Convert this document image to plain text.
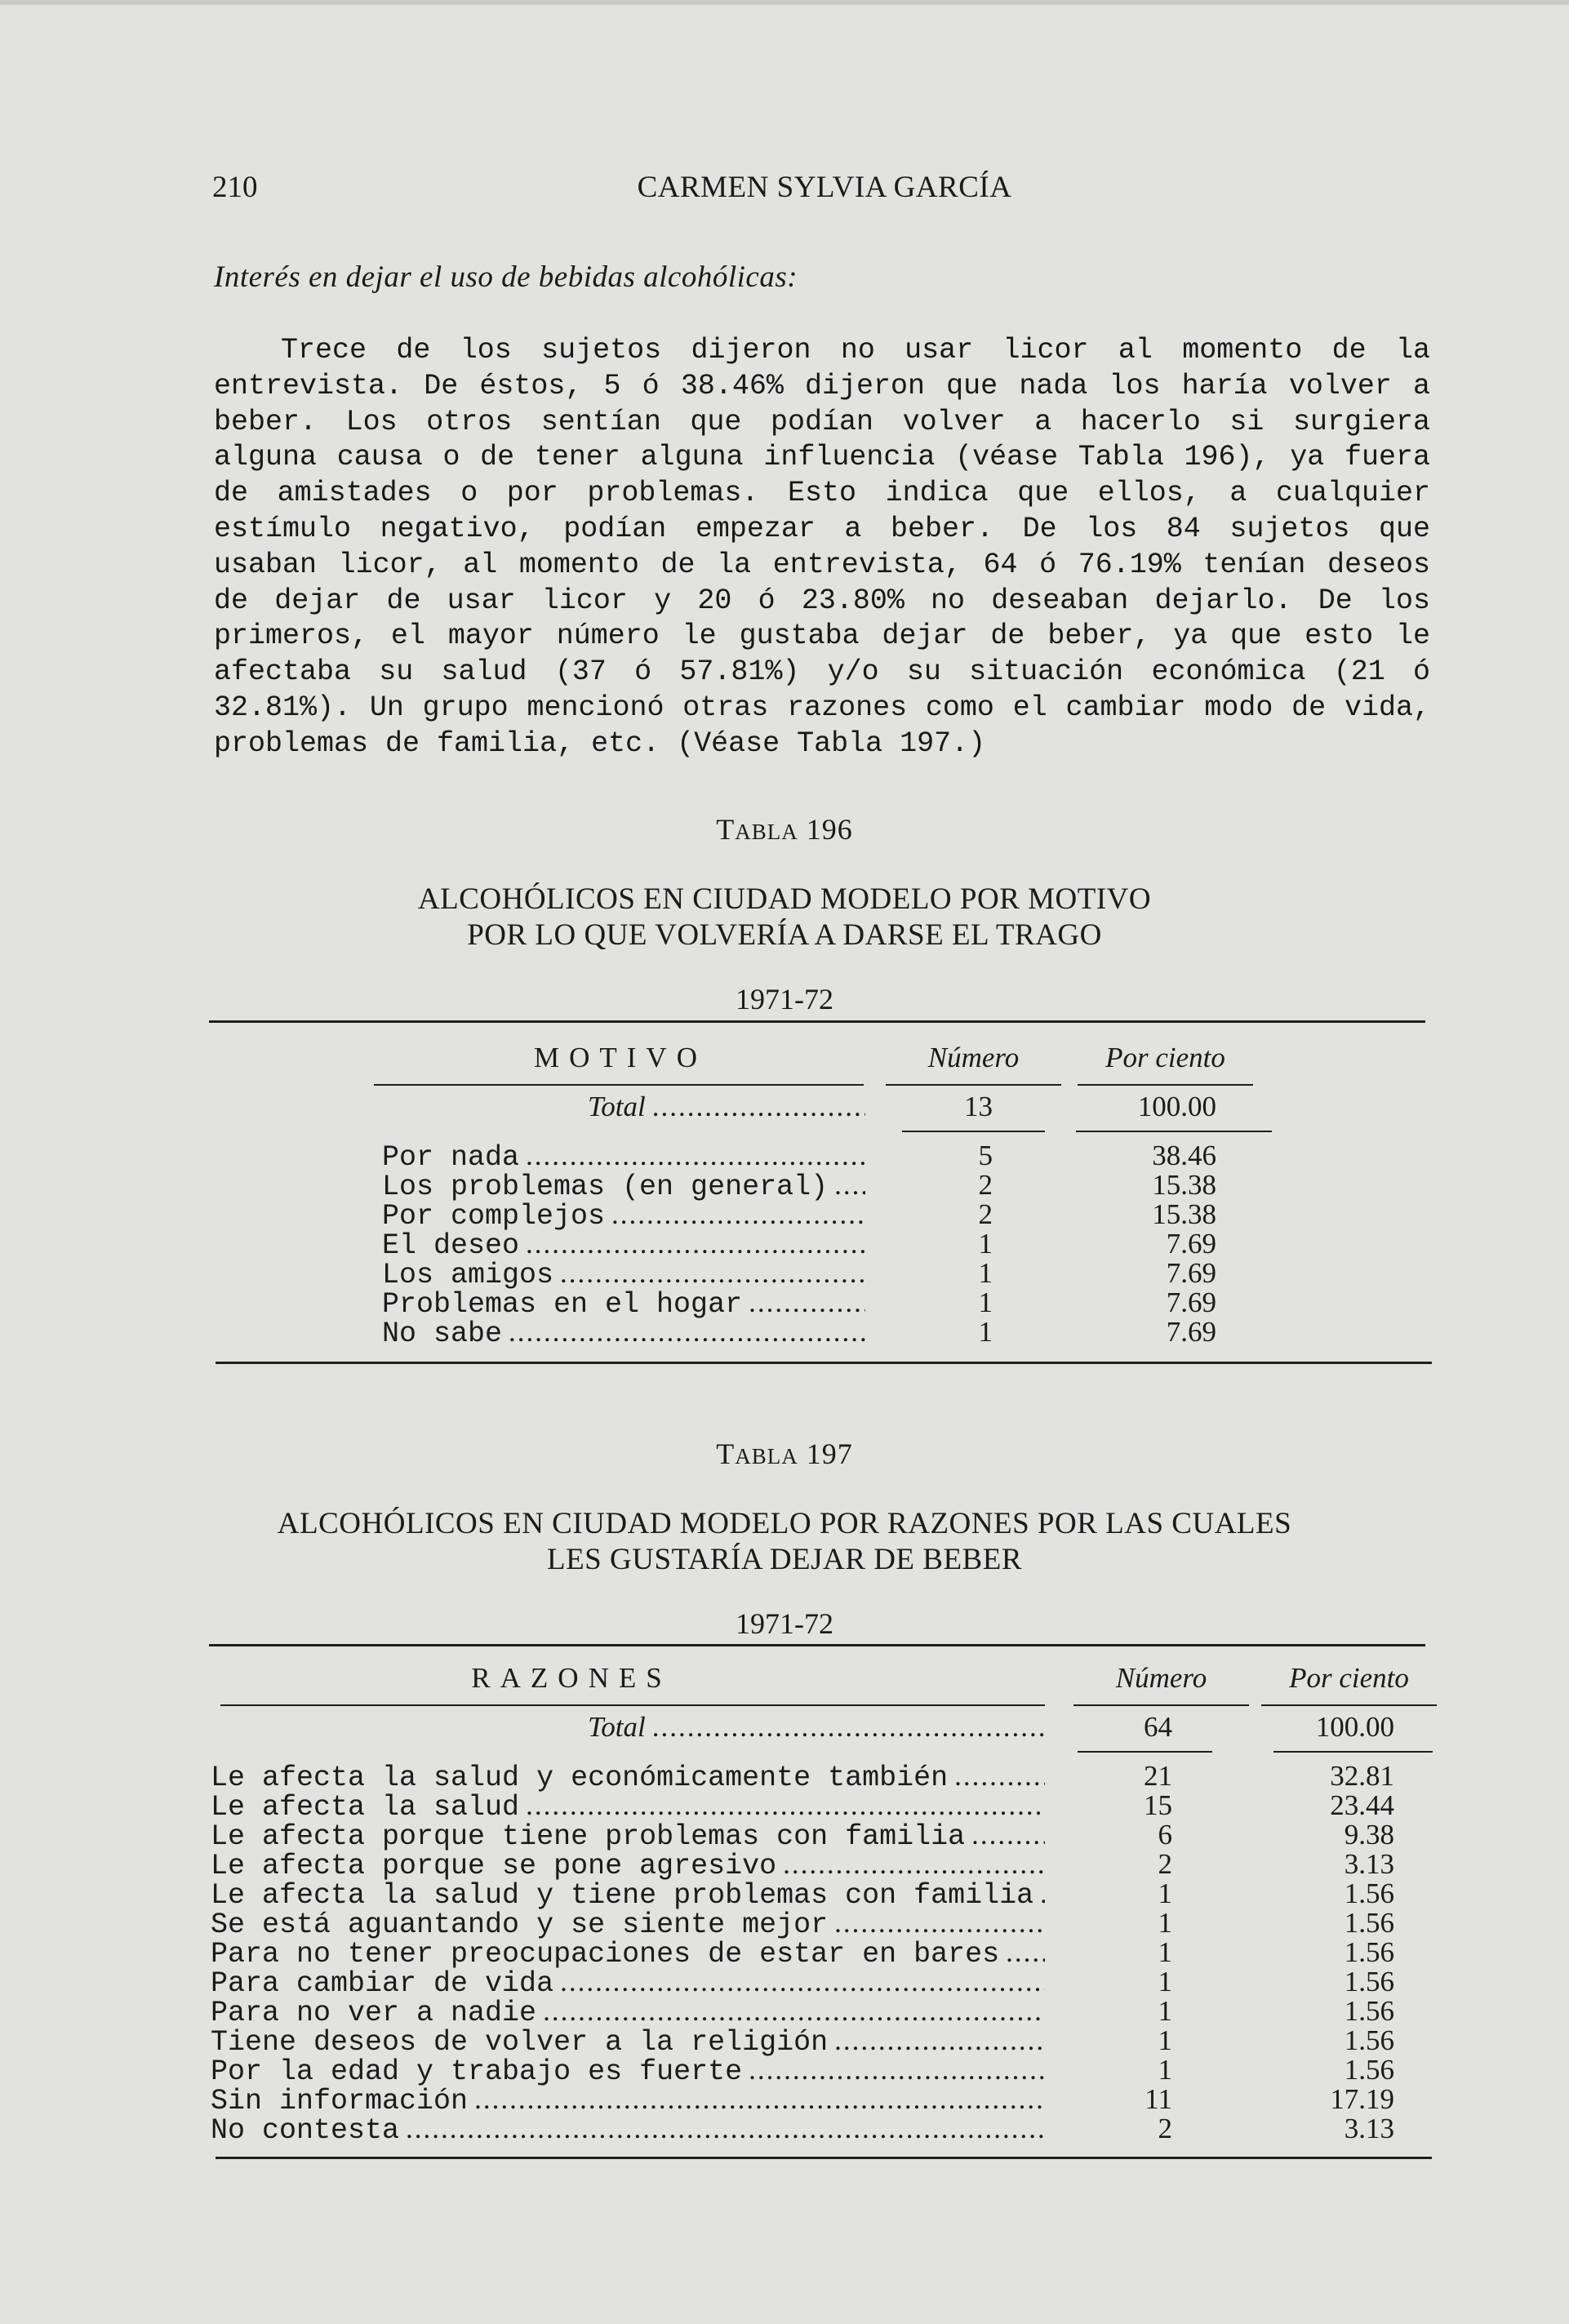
210	CARMEN SYLVIA GARCÍA
Interés en dejar el uso de bebidas alcohólicas:

Trece de los sujetos dijeron no usar licor al momento de la entrevista. De éstos, 5 ó 38.46% dijeron que nada los haría volver a beber. Los otros sentían que podían volver a hacerlo si surgiera alguna causa o de tener alguna influencia (véase Tabla 196), ya fuera de amistades o por problemas. Esto indica que ellos, a cualquier estímulo negativo, podían empezar a beber. De los 84 sujetos que usaban licor, al momento de la entrevista, 64 ó 76.19% tenían deseos de dejar de usar licor y 20 ó 23.80% no deseaban dejarlo. De los primeros, el mayor número le gustaba dejar de beber, ya que esto le afectaba su salud (37 ó 57.81%) y/o su situación económica (21 ó 32.81%). Un grupo mencionó otras razones como el cambiar modo de vida, problemas de familia, etc. (Véase Tabla 197.)

TABLA 196
ALCOHÓLICOS EN CIUDAD MODELO POR MOTIVO
POR LO QUE VOLVERÍA A DARSE EL TRAGO
1971-72
MOTIVO	Número	Por ciento
Total .....	13	100.00
Por nada .....	5	38.46
Los problemas (en general) .....	2	15.38
Por complejos .....	2	15.38
El deseo .....	1	7.69
Los amigos .....	1	7.69
Problemas en el hogar .....	1	7.69
No sabe .....	1	7.69
TABLA 197
ALCOHÓLICOS EN CIUDAD MODELO POR RAZONES POR LAS CUALES
LES GUSTARÍA DEJAR DE BEBER
1971-72
RAZONES	Número	Por ciento
Total .....	64	100.00
Le afecta la salud y económicamente también .....	21	32.81
Le afecta la salud .....	15	23.44
Le afecta porque tiene problemas con familia .....	6	9.38
Le afecta porque se pone agresivo .....	2	3.13
Le afecta la salud y tiene problemas con familia .....	1	1.56
Se está aguantando y se siente mejor .....	1	1.56
Para no tener preocupaciones de estar en bares .....	1	1.56
Para cambiar de vida .....	1	1.56
Para no ver a nadie .....	1	1.56
Tiene deseos de volver a la religión .....	1	1.56
Por la edad y trabajo es fuerte .....	1	1.56
Sin información .....	11	17.19
No contesta .....	2	3.13
